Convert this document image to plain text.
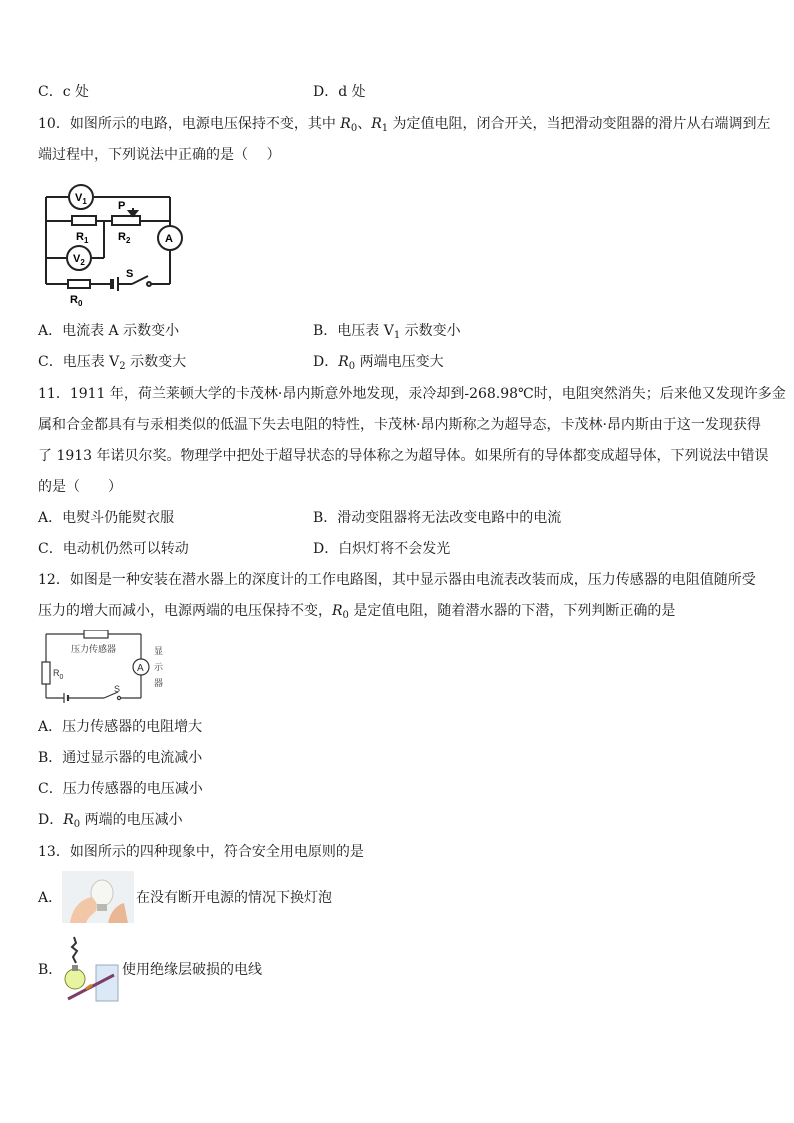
C．c 处	D．d 处
10．如图所示的电路，电源电压保持不变，其中 $R_0$、$R_1$ 为定值电阻，闭合开关，当把滑动变阻器的滑片从右端调到左
端过程中，下列说法中正确的是（　 ）
$V_1$	P
$R_1$	$R_2$	A
$V_2$
S
$R_0$
A．电流表 A 示数变小	B．电压表 $V_1$ 示数变小
C．电压表 $V_2$ 示数变大	D．$R_0$ 两端电压变大
11．1911 年，荷兰莱顿大学的卡茂林·昂内斯意外地发现，汞冷却到-268.98℃时，电阻突然消失；后来他又发现许多金
属和合金都具有与汞相类似的低温下失去电阻的特性，卡茂林·昂内斯称之为超导态，卡茂林·昂内斯由于这一发现获得
了 1913 年诺贝尔奖。物理学中把处于超导状态的导体称之为超导体。如果所有的导体都变成超导体，下列说法中错误
的是（　　）
A．电熨斗仍能熨衣服	B．滑动变阻器将无法改变电路中的电流
C．电动机仍然可以转动	D．白炽灯将不会发光
12．如图是一种安装在潜水器上的深度计的工作电路图，其中显示器由电流表改装而成，压力传感器的电阻值随所受
压力的增大而减小，电源两端的电压保持不变，$R_0$ 是定值电阻，随着潜水器的下潜，下列判断正确的是
压力传感器
$R_0$
A
显
示
器
S
A．压力传感器的电阻增大
B．通过显示器的电流减小
C．压力传感器的电压减小
D．$R_0$ 两端的电压减小
13．如图所示的四种现象中，符合安全用电原则的是
A．	在没有断开电源的情况下换灯泡
B．	使用绝缘层破损的电线
